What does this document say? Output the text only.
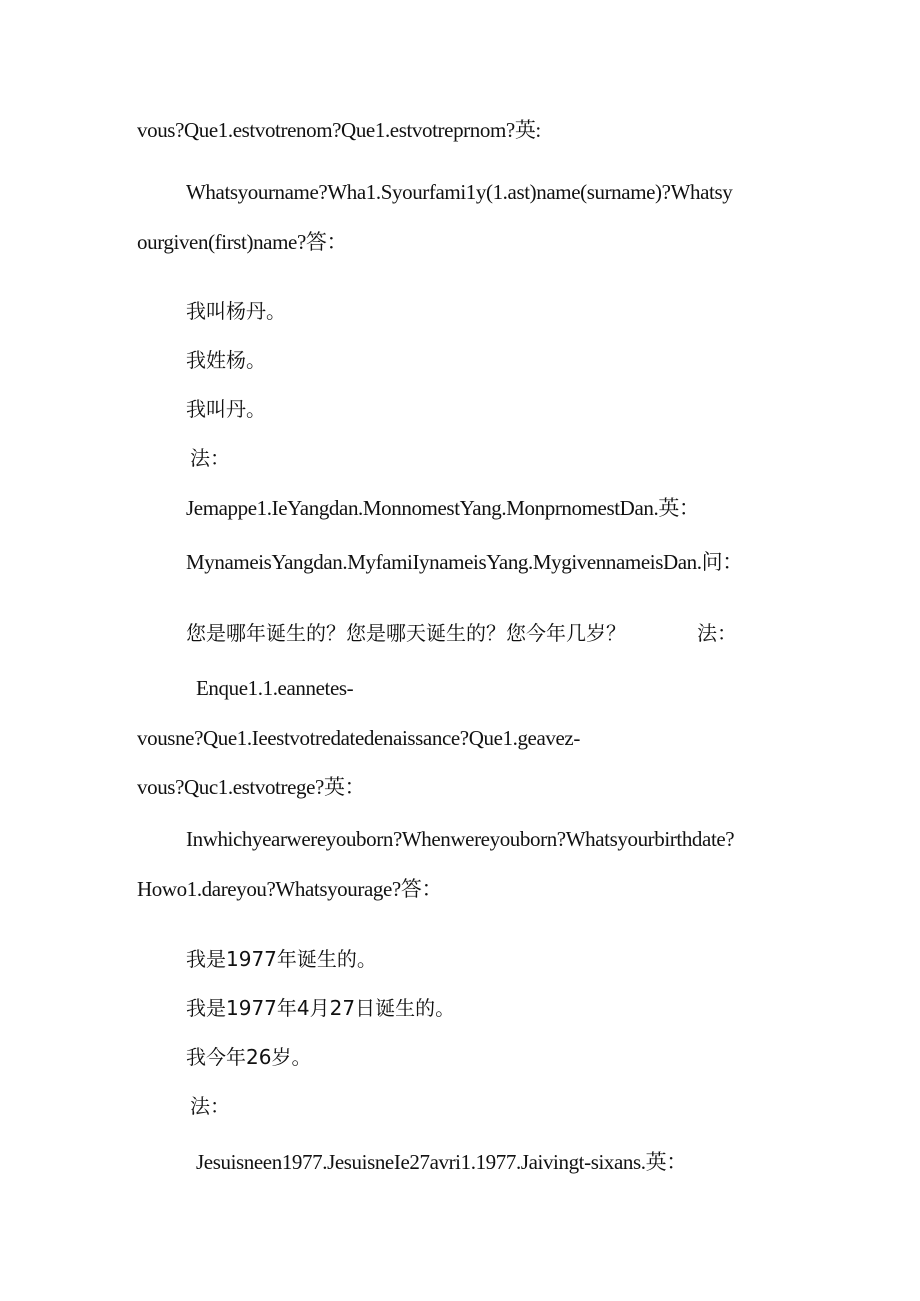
vous?Que1.estvotrenom?Que1.estvotreprnom?英:
Whatsyourname?Wha1.Syourfami1y(1.ast)name(surname)?Whatsy
ourgiven(first)name?答：
我叫杨丹。
我姓杨。
我叫丹。
法：
Jemappe1.IeYangdan.MonnomestYang.MonprnomestDan.英：
MynameisYangdan.MyfamiIynameisYang.MygivennameisDan.问：
您是哪年诞生的？您是哪天诞生的？您今年几岁？	法：
Enque1.1.eannetes-
vousne?Que1.Ieestvotredatedenaissance?Que1.geavez-
vous?Quc1.estvotrege?英：
Inwhichyearwereyouborn?Whenwereyouborn?Whatsyourbirthdate?
Howo1.dareyou?Whatsyourage?答：
我是1977年诞生的。
我是1977年4月27日诞生的。
我今年26岁。
法：
Jesuisneen1977.JesuisneIe27avri1.1977.Jaivingt-sixans.英：
